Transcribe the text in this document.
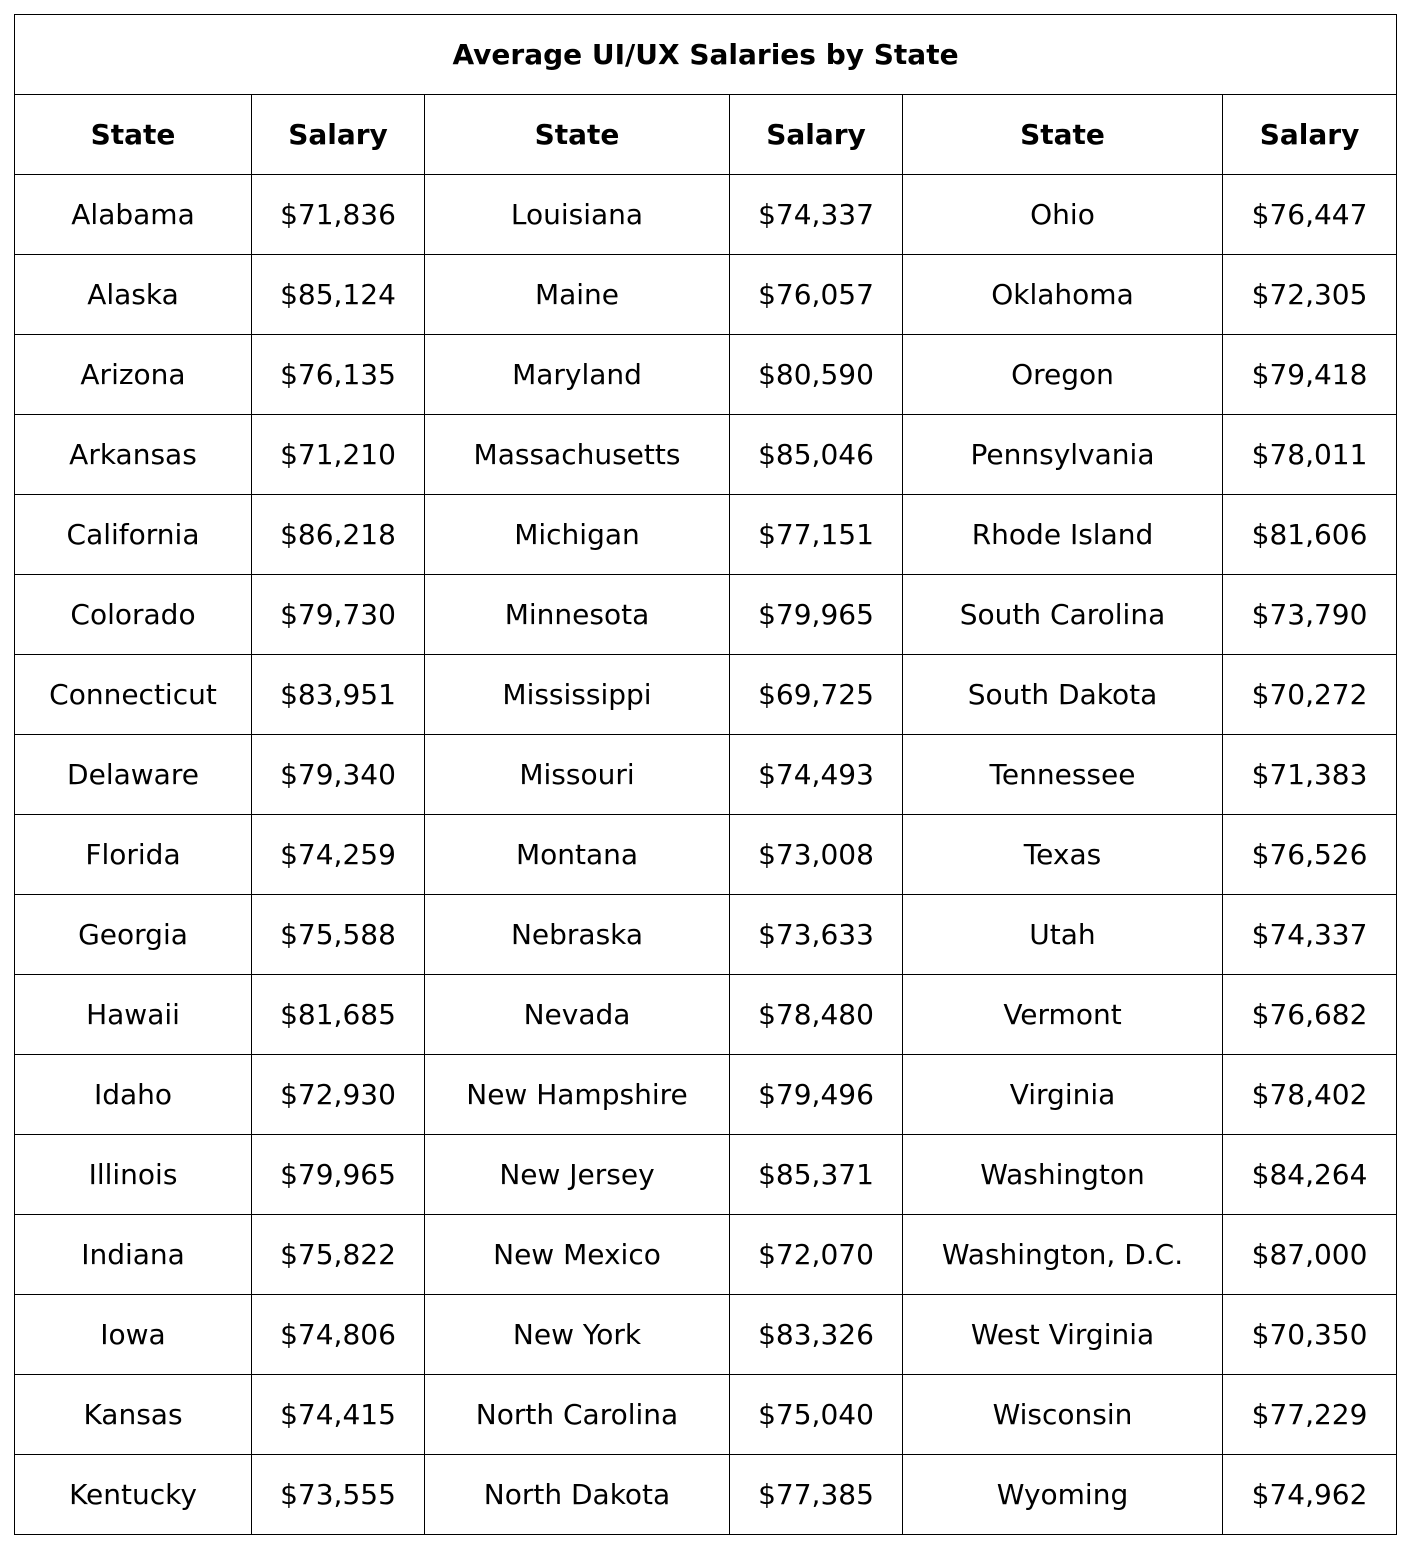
Average UI/UX Salaries by State					
State	Salary	State	Salary	State	Salary
Alabama	$71,836	Louisiana	$74,337	Ohio	$76,447
Alaska	$85,124	Maine	$76,057	Oklahoma	$72,305
Arizona	$76,135	Maryland	$80,590	Oregon	$79,418
Arkansas	$71,210	Massachusetts	$85,046	Pennsylvania	$78,011
California	$86,218	Michigan	$77,151	Rhode Island	$81,606
Colorado	$79,730	Minnesota	$79,965	South Carolina	$73,790
Connecticut	$83,951	Mississippi	$69,725	South Dakota	$70,272
Delaware	$79,340	Missouri	$74,493	Tennessee	$71,383
Florida	$74,259	Montana	$73,008	Texas	$76,526
Georgia	$75,588	Nebraska	$73,633	Utah	$74,337
Hawaii	$81,685	Nevada	$78,480	Vermont	$76,682
Idaho	$72,930	New Hampshire	$79,496	Virginia	$78,402
Illinois	$79,965	New Jersey	$85,371	Washington	$84,264
Indiana	$75,822	New Mexico	$72,070	Washington, D.C.	$87,000
Iowa	$74,806	New York	$83,326	West Virginia	$70,350
Kansas	$74,415	North Carolina	$75,040	Wisconsin	$77,229
Kentucky	$73,555	North Dakota	$77,385	Wyoming	$74,962
